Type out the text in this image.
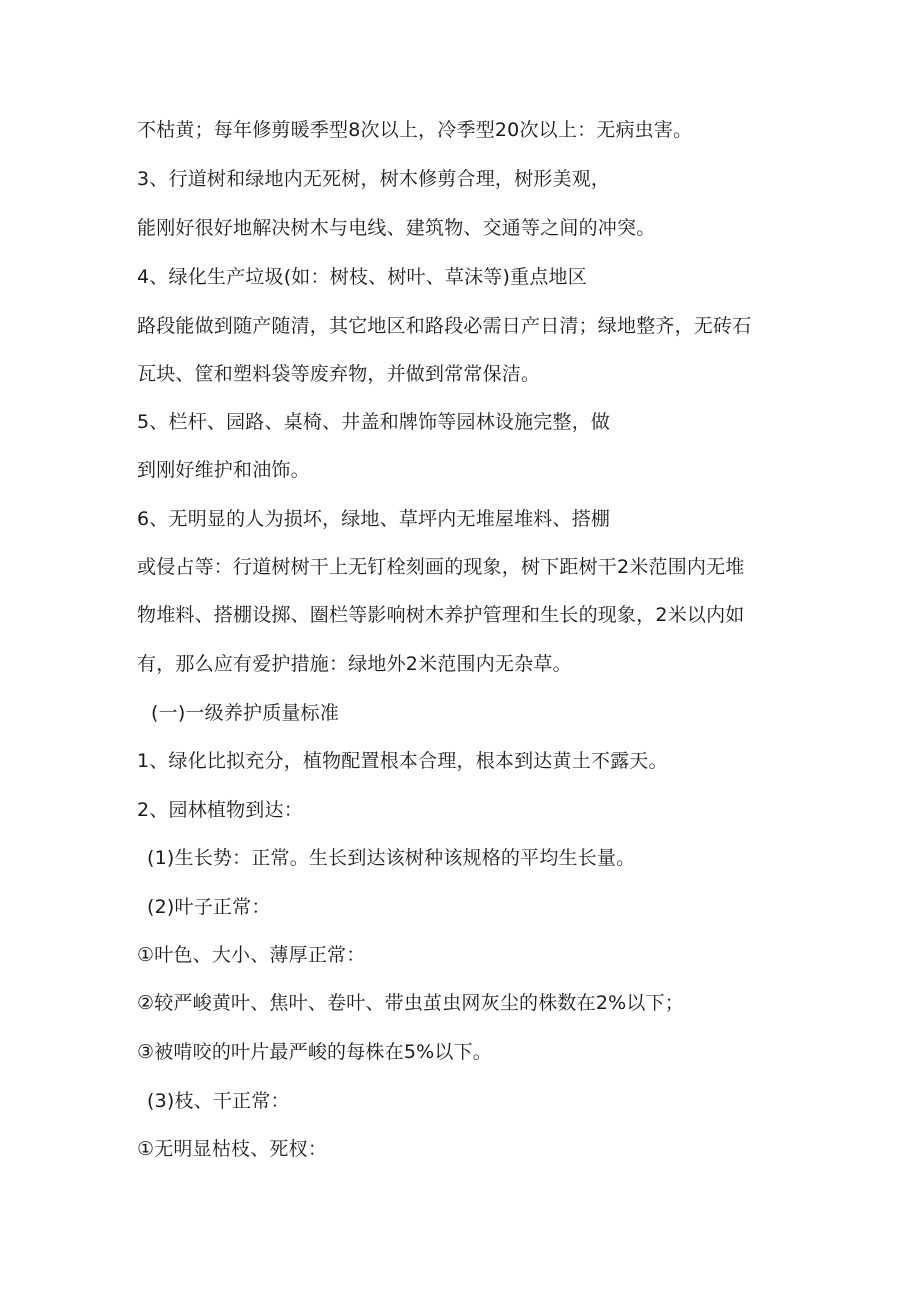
不枯黄；每年修剪暖季型8次以上，冷季型20次以上：无病虫害。
3、行道树和绿地内无死树，树木修剪合理，树形美观，
能刚好很好地解决树木与电线、建筑物、交通等之间的冲突。
4、绿化生产垃圾(如：树枝、树叶、草沫等)重点地区
路段能做到随产随清，其它地区和路段必需日产日清；绿地整齐，无砖石
瓦块、筐和塑料袋等废弃物，并做到常常保洁。
5、栏杆、园路、桌椅、井盖和牌饰等园林设施完整，做
到刚好维护和油饰。
6、无明显的人为损坏，绿地、草坪内无堆屋堆料、搭棚
或侵占等：行道树树干上无钉栓刻画的现象，树下距树干2米范围内无堆
物堆料、搭棚设掷、圈栏等影响树木养护管理和生长的现象，2米以内如
有，那么应有爱护措施：绿地外2米范围内无杂草。
(一)一级养护质量标准
1、绿化比拟充分，植物配置根本合理，根本到达黄土不露天。
2、园林植物到达：
(1)生长势：正常。生长到达该树种该规格的平均生长量。
(2)叶子正常：
①叶色、大小、薄厚正常：
②较严峻黄叶、焦叶、卷叶、带虫茧虫网灰尘的株数在2%以下；
③被啃咬的叶片最严峻的每株在5%以下。
(3)枝、干正常：
①无明显枯枝、死杈：
